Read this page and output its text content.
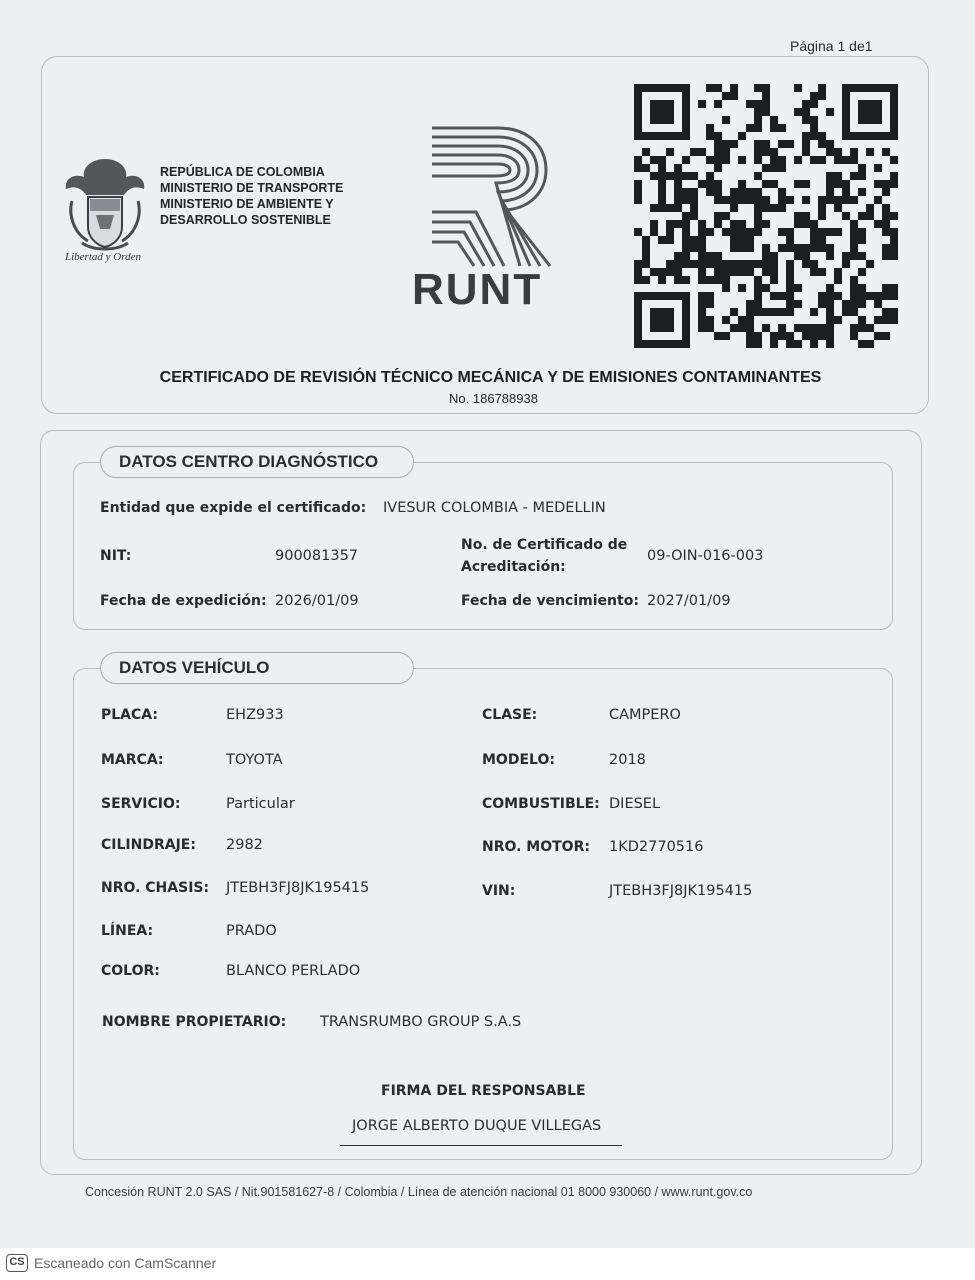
Página 1 de1
Libertad y Orden
REPÚBLICA DE COLOMBIA
MINISTERIO DE TRANSPORTE
MINISTERIO DE AMBIENTE Y
DESARROLLO SOSTENIBLE
RUNT
CERTIFICADO DE REVISIÓN TÉCNICO MECÁNICA Y DE EMISIONES CONTAMINANTES
No. 186788938
DATOS CENTRO DIAGNÓSTICO
Entidad que expide el certificado: IVESUR COLOMBIA - MEDELLIN
NIT:	900081357
No. de Certificado de
Acreditación:
09-OIN-016-003
Fecha de expedición: 2026/01/09	Fecha de vencimiento: 2027/01/09
DATOS VEHÍCULO
PLACA:	EHZ933	CLASE:	CAMPERO
MARCA:	TOYOTA	MODELO:	2018
SERVICIO:	Particular	COMBUSTIBLE: DIESEL
CILINDRAJE: 2982	NRO. MOTOR: 1KD2770516
NRO. CHASIS: JTEBH3FJ8JK195415	VIN:	JTEBH3FJ8JK195415
LÍNEA:	PRADO
COLOR:	BLANCO PERLADO
NOMBRE PROPIETARIO: TRANSRUMBO GROUP S.A.S
FIRMA DEL RESPONSABLE
JORGE ALBERTO DUQUE VILLEGAS
Concesión RUNT 2.0 SAS / Nit.901581627-8 / Colombia / Línea de atención nacional 01 8000 930060 / www.runt.gov.co
CS Escaneado con CamScanner
